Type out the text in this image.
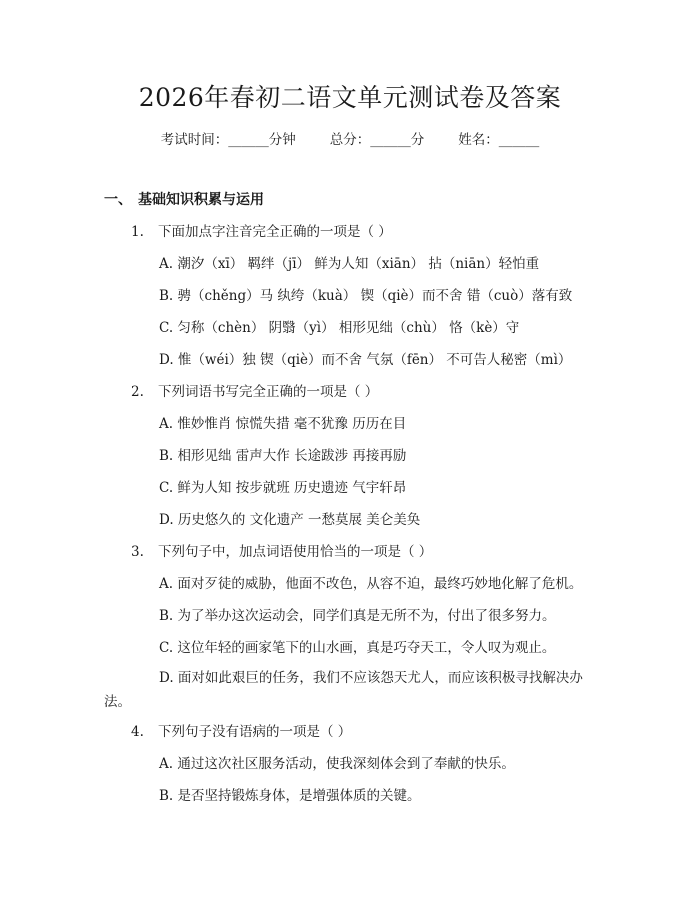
2026年春初二语文单元测试卷及答案
考试时间：______分钟	总分：______分	姓名：______
一、 基础知识积累与运用
1. 下面加点字注音完全正确的一项是（ ）
A. 潮汐（xī） 羁绊（jī） 鲜为人知（xiān） 拈（niān）轻怕重
B. 骋（chěng）马 纨绔（kuà） 锲（qiè）而不舍 错（cuò）落有致
C. 匀称（chèn） 阴翳（yì） 相形见绌（chù） 恪（kè）守
D. 惟（wéi）独 锲（qiè）而不舍 气氛（fēn） 不可告人秘密（mì）
2. 下列词语书写完全正确的一项是（ ）
A. 惟妙惟肖 惊慌失措 毫不犹豫 历历在目
B. 相形见绌 雷声大作 长途跋涉 再接再励
C. 鲜为人知 按步就班 历史遗迹 气宇轩昂
D. 历史悠久的 文化遗产 一愁莫展 美仑美奂
3. 下列句子中，加点词语使用恰当的一项是（ ）
A. 面对歹徒的威胁，他面不改色，从容不迫，最终巧妙地化解了危机。
B. 为了举办这次运动会，同学们真是无所不为，付出了很多努力。
C. 这位年轻的画家笔下的山水画，真是巧夺天工，令人叹为观止。
D. 面对如此艰巨的任务，我们不应该怨天尤人，而应该积极寻找解决办法。
4. 下列句子没有语病的一项是（ ）
A. 通过这次社区服务活动，使我深刻体会到了奉献的快乐。
B. 是否坚持锻炼身体，是增强体质的关键。
